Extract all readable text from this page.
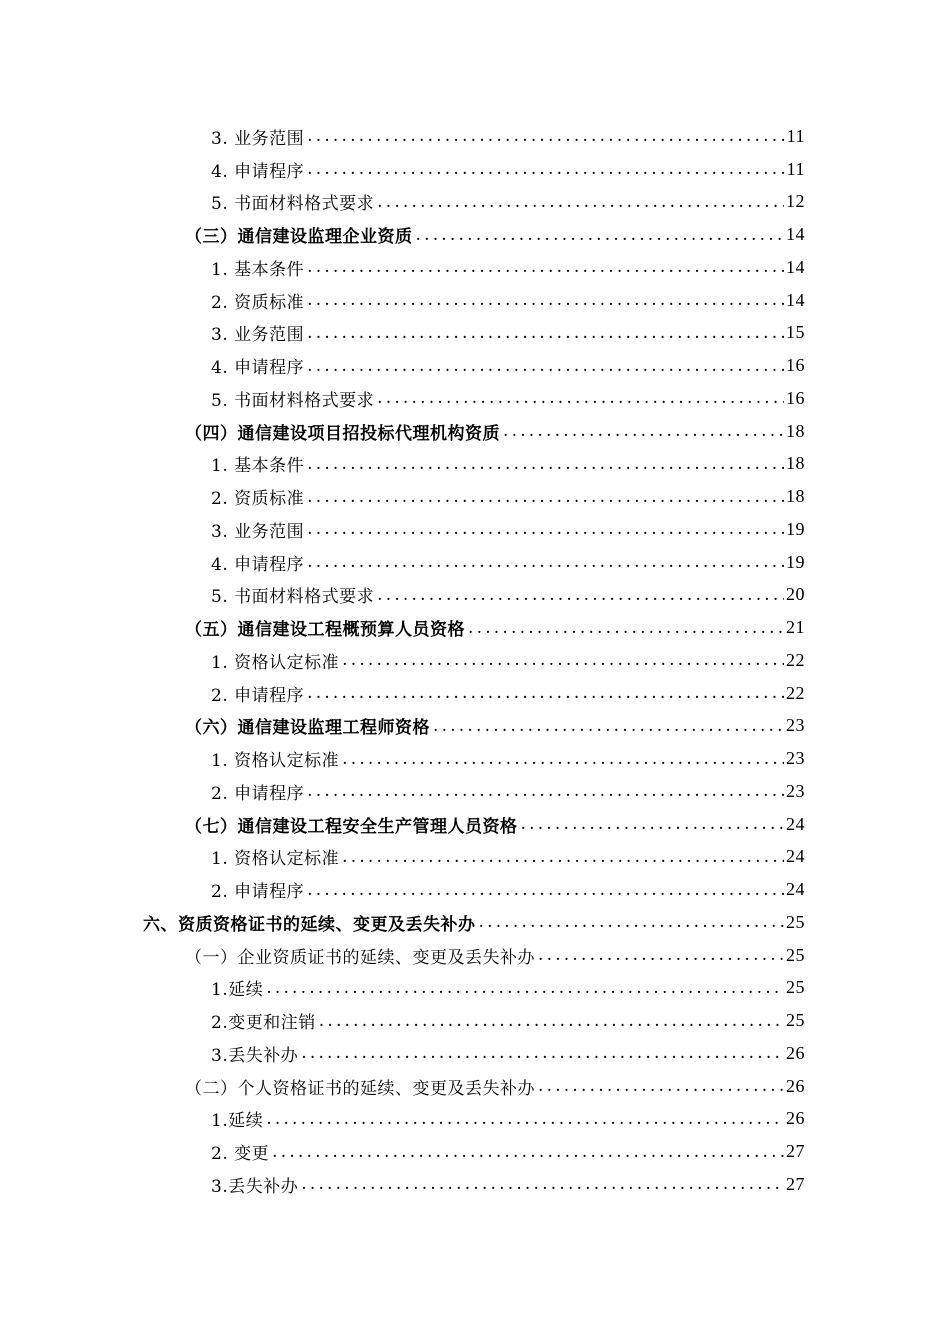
3. 业务范围 .....	11
4. 申请程序 .....	11
5. 书面材料格式要求 .....	12
（三）通信建设监理企业资质 .....	14
1. 基本条件 .....	14
2. 资质标准 .....	14
3. 业务范围 .....	15
4. 申请程序 .....	16
5. 书面材料格式要求 .....	16
（四）通信建设项目招投标代理机构资质 .....	18
1. 基本条件 .....	18
2. 资质标准 .....	18
3. 业务范围 .....	19
4. 申请程序 .....	19
5. 书面材料格式要求 .....	20
（五）通信建设工程概预算人员资格 .....	21
1. 资格认定标准 .....	22
2. 申请程序 .....	22
（六）通信建设监理工程师资格 .....	23
1. 资格认定标准 .....	23
2. 申请程序 .....	23
（七）通信建设工程安全生产管理人员资格 .....	24
1. 资格认定标准 .....	24
2. 申请程序 .....	24
六、资质资格证书的延续、变更及丢失补办 .....	25
（一）企业资质证书的延续、变更及丢失补办 .....	25
1.延续 .....	25
2.变更和注销 .....	25
3.丢失补办 .....	26
（二）个人资格证书的延续、变更及丢失补办 .....	26
1.延续 .....	26
2. 变更 .....	27
3.丢失补办 .....	27
